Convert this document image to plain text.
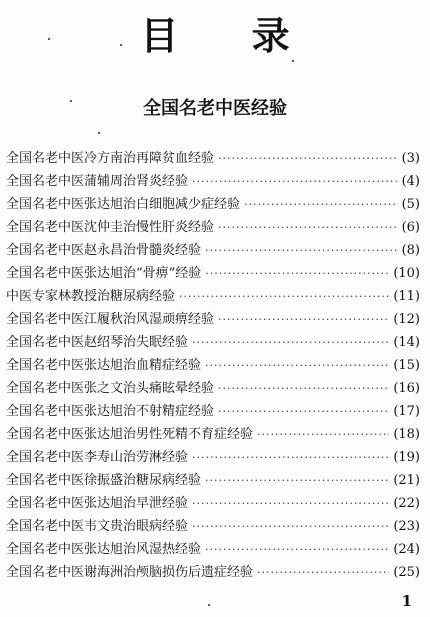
目 录
全国名老中医经验
全国名老中医冷方南治再障贫血经验 ·····	(3)
全国名老中医蒲辅周治肾炎经验 ·····	(4)
全国名老中医张达旭治白细胞减少症经验 ·····	(5)
全国名老中医沈仲圭治慢性肝炎经验 ·····	(6)
全国名老中医赵永昌治骨髓炎经验 ·····	(8)
全国名老中医张达旭治“骨痹”经验 ·····	(10)
中医专家林教授治糖尿病经验 ·····	(11)
全国名老中医江履秋治风湿顽痹经验 ·····	(12)
全国名老中医赵绍琴治失眠经验 ·····	(14)
全国名老中医张达旭治血精症经验 ·····	(15)
全国名老中医张之文治头痛眩晕经验 ·····	(16)
全国名老中医张达旭治不射精症经验 ·····	(17)
全国名老中医张达旭治男性死精不育症经验 ·····	(18)
全国名老中医李寿山治劳淋经验 ·····	(19)
全国名老中医徐振盛治糖尿病经验 ·····	(21)
全国名老中医张达旭治早泄经验 ·····	(22)
全国名老中医韦文贵治眼病经验 ·····	(23)
全国名老中医张达旭治风湿热经验 ·····	(24)
全国名老中医谢海洲治颅脑损伤后遗症经验 ·····	(25)
1
